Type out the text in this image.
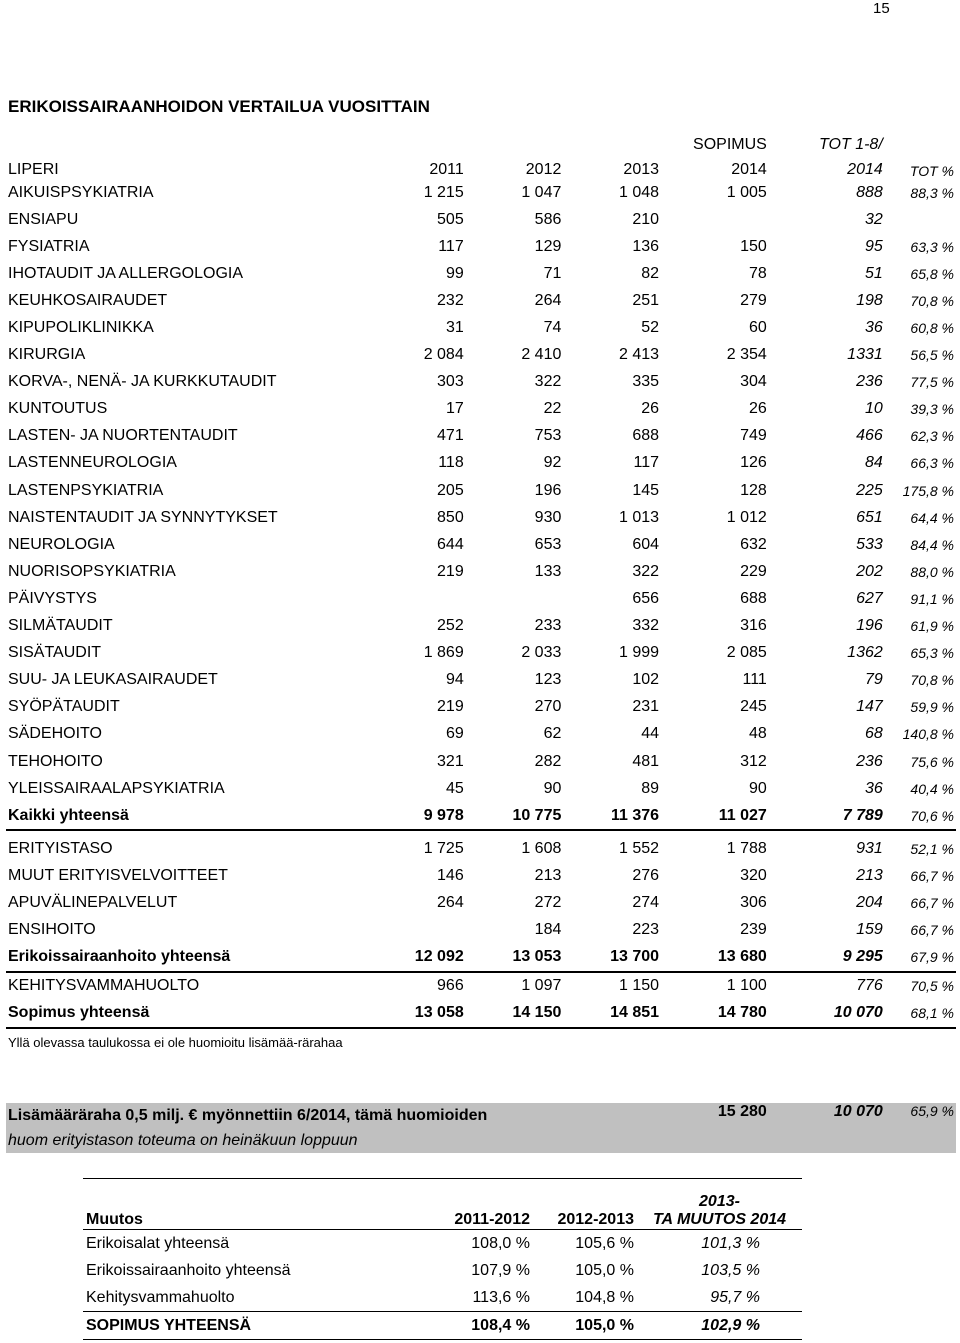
15
ERIKOISSAIRAANHOIDON VERTAILUA VUOSITTAIN
				SOPIMUS	TOT 1-8/	
LIPERI	2011	2012	2013	2014	2014	TOT %
AIKUISPSYKIATRIA	1 215	1 047	1 048	1 005	888	88,3 %
ENSIAPU	505	586	210		32	
FYSIATRIA	117	129	136	150	95	63,3 %
IHOTAUDIT JA ALLERGOLOGIA	99	71	82	78	51	65,8 %
KEUHKOSAIRAUDET	232	264	251	279	198	70,8 %
KIPUPOLIKLINIKKA	31	74	52	60	36	60,8 %
KIRURGIA	2 084	2 410	2 413	2 354	1331	56,5 %
KORVA-, NENÄ- JA KURKKUTAUDIT	303	322	335	304	236	77,5 %
KUNTOUTUS	17	22	26	26	10	39,3 %
LASTEN- JA NUORTENTAUDIT	471	753	688	749	466	62,3 %
LASTENNEUROLOGIA	118	92	117	126	84	66,3 %
LASTENPSYKIATRIA	205	196	145	128	225	175,8 %
NAISTENTAUDIT JA SYNNYTYKSET	850	930	1 013	1 012	651	64,4 %
NEUROLOGIA	644	653	604	632	533	84,4 %
NUORISOPSYKIATRIA	219	133	322	229	202	88,0 %
PÄIVYSTYS			656	688	627	91,1 %
SILMÄTAUDIT	252	233	332	316	196	61,9 %
SISÄTAUDIT	1 869	2 033	1 999	2 085	1362	65,3 %
SUU- JA LEUKASAIRAUDET	94	123	102	111	79	70,8 %
SYÖPÄTAUDIT	219	270	231	245	147	59,9 %
SÄDEHOITO	69	62	44	48	68	140,8 %
TEHOHOITO	321	282	481	312	236	75,6 %
YLEISSAIRAALAPSYKIATRIA	45	90	89	90	36	40,4 %
Kaikki yhteensä	9 978	10 775	11 376	11 027	7 789	70,6 %
ERITYISTASO	1 725	1 608	1 552	1 788	931	52,1 %
MUUT ERITYISVELVOITTEET	146	213	276	320	213	66,7 %
APUVÄLINEPALVELUT	264	272	274	306	204	66,7 %
ENSIHOITO		184	223	239	159	66,7 %
Erikoissairaanhoito yhteensä	12 092	13 053	13 700	13 680	9 295	67,9 %
KEHITYSVAMMAHUOLTO	966	1 097	1 150	1 100	776	70,5 %
Sopimus yhteensä	13 058	14 150	14 851	14 780	10 070	68,1 %
Yllä olevassa taulukossa ei ole huomioitu lisämää-rärahaa						

Lisämääräraha 0,5 milj. € myönnettiin 6/2014, tämä huomioiden
huom erityistason toteuma on heinäkuun loppuun				15 280	10 070	65,9 %
Muutos	2011-2012	2012-2013	2013-
TA MUUTOS 2014
Erikoisalat yhteensä	108,0 %	105,6 %	101,3 %
Erikoissairaanhoito yhteensä	107,9 %	105,0 %	103,5 %
Kehitysvammahuolto	113,6 %	104,8 %	95,7 %
SOPIMUS YHTEENSÄ	108,4 %	105,0 %	102,9 %
